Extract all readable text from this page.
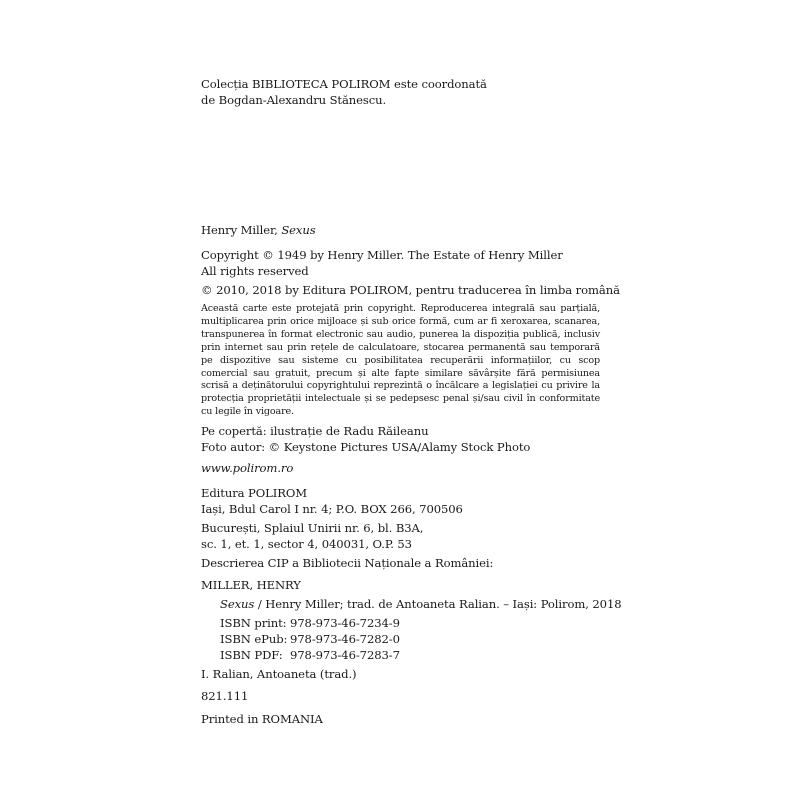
Colecția BIBLIOTECA POLIROM este coordonată
de Bogdan-Alexandru Stănescu.
Henry Miller, Sexus
Copyright © 1949 by Henry Miller. The Estate of Henry Miller
All rights reserved
© 2010, 2018 by Editura POLIROM, pentru traducerea în limba română

Această carte este protejată prin copyright. Reproducerea integrală sau parțială, multiplicarea prin orice mijloace și sub orice formă, cum ar fi xeroxarea, scanarea, transpunerea în format electronic sau audio, punerea la dispoziția publică, inclusiv prin internet sau prin rețele de calculatoare, stocarea permanentă sau temporară pe dispozitive sau sisteme cu posibilitatea recuperării informațiilor, cu scop comercial sau gratuit, precum și alte fapte similare săvârșite fără permisiunea scrisă a deținătorului copyrightului reprezintă o încălcare a legislației cu privire la protecția proprietății intelectuale și se pedepsesc penal și/sau civil în conformitate cu legile în vigoare.

Pe copertă: ilustrație de Radu Răileanu
Foto autor: © Keystone Pictures USA/Alamy Stock Photo
www.polirom.ro
Editura POLIROM
Iași, Bdul Carol I nr. 4; P.O. BOX 266, 700506
București, Splaiul Unirii nr. 6, bl. B3A,
sc. 1, et. 1, sector 4, 040031, O.P. 53
Descrierea CIP a Bibliotecii Naționale a României:
MILLER, HENRY
Sexus / Henry Miller; trad. de Antoaneta Ralian. – Iași: Polirom, 2018
ISBN print: 978-973-46-7234-9
ISBN ePub: 978-973-46-7282-0
ISBN PDF: 978-973-46-7283-7
I. Ralian, Antoaneta (trad.)
821.111
Printed in ROMANIA
